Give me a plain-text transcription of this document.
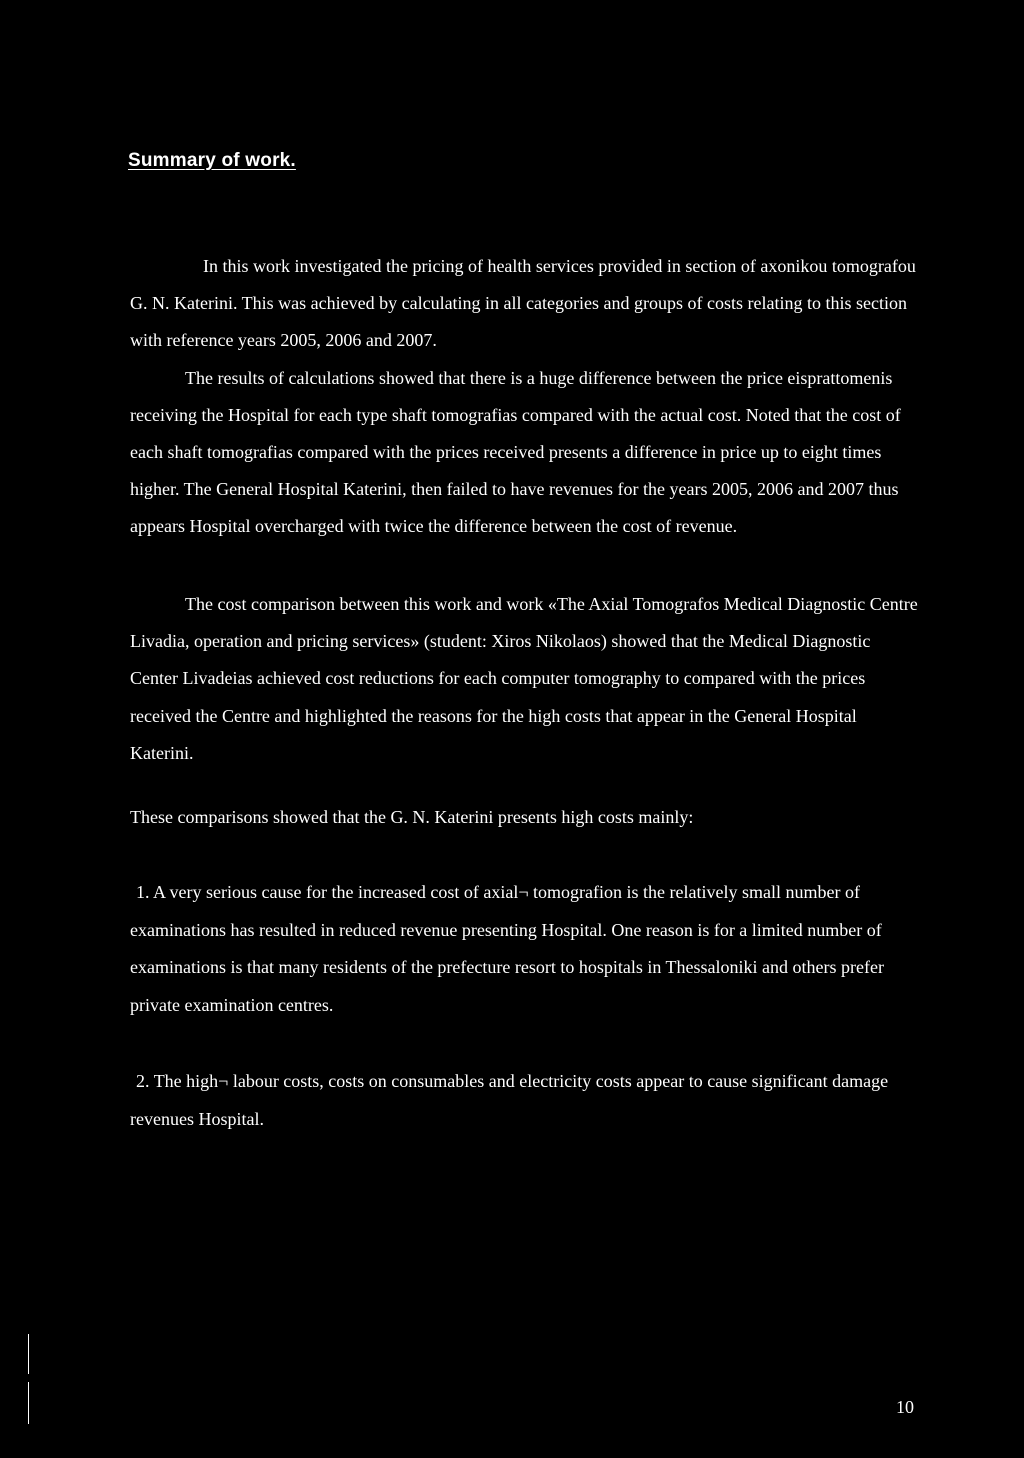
Summary of work.

In this work investigated the pricing of health services provided in section of axonikou tomografou G. N. Katerini. This was achieved by calculating in all categories and groups of costs relating to this section with reference years 2005, 2006 and 2007.

The results of calculations showed that there is a huge difference between the price eisprattomenis receiving the Hospital for each type shaft tomografias compared with the actual cost. Noted that the cost of each shaft tomografias compared with the prices received presents a difference in price up to eight times higher. The General Hospital Katerini, then failed to have revenues for the years 2005, 2006 and 2007 thus appears Hospital overcharged with twice the difference between the cost of revenue.

The cost comparison between this work and work «The Axial Tomografos Medical Diagnostic Centre Livadia, operation and pricing services» (student: Xiros Nikolaos) showed that the Medical Diagnostic Center Livadeias achieved cost reductions for each computer tomography to compared with the prices received the Centre and highlighted the reasons for the high costs that appear in the General Hospital Katerini.

These comparisons showed that the G. N. Katerini presents high costs mainly:
1. A very serious cause for the increased cost of axial¬ tomografion is the relatively small number of examinations has resulted in reduced revenue presenting Hospital. One reason is for a limited number of examinations is that many residents of the prefecture resort to hospitals in Thessaloniki and others prefer private examination centres.
2. The high¬ labour costs, costs on consumables and electricity costs appear to cause significant damage revenues Hospital.
10
